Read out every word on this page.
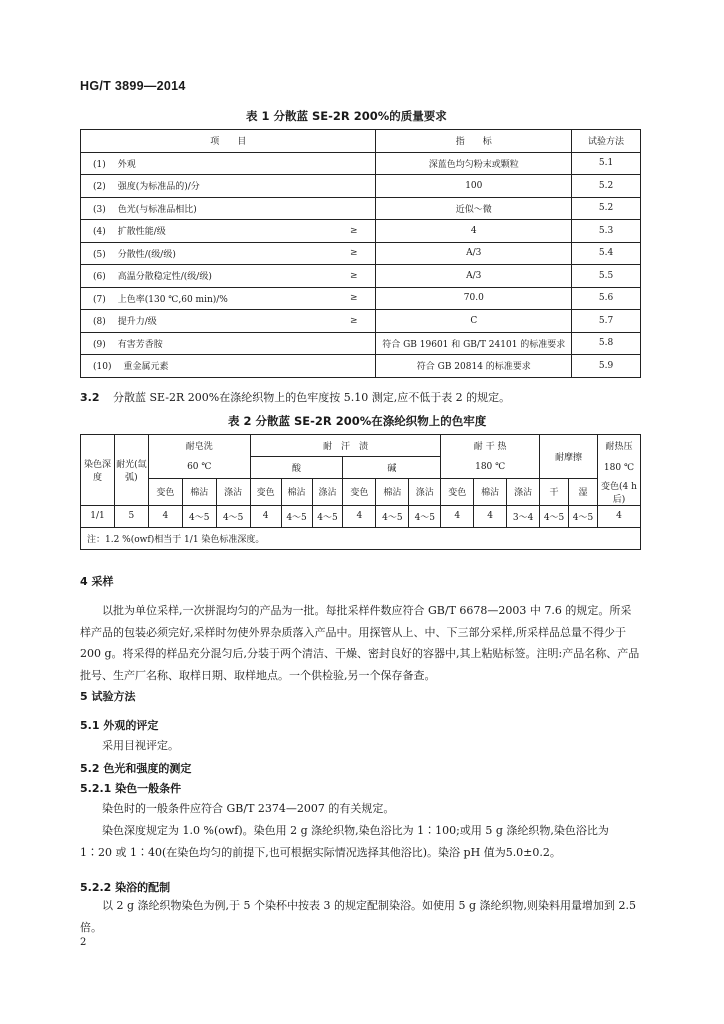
HG/T 3899—2014
表 1 分散蓝 SE-2R 200%的质量要求
项　　目		指　　标	试验方法
(1) 外观		深蓝色均匀粉末或颗粒	5.1
(2) 强度(为标准品的)/分		100	5.2
(3) 色光(与标准品相比)		近似～微	5.2
(4) 扩散性能/级	≥	4	5.3
(5) 分散性/(级/级)	≥	A/3	5.4
(6) 高温分散稳定性/(级/级)	≥	A/3	5.5
(7) 上色率(130 ℃,60 min)/%	≥	70.0	5.6
(8) 提升力/级	≥	C	5.7
(9) 有害芳香胺		符合 GB 19601 和 GB/T 24101 的标准要求	5.8
(10) 重金属元素		符合 GB 20814 的标准要求	5.9
3.2 分散蓝 SE-2R 200%在涤纶织物上的色牢度按 5.10 测定,应不低于表 2 的规定。
表 2 分散蓝 SE-2R 200%在涤纶织物上的色牢度
染色深度	耐光(氙弧)	耐皂洗			耐　汗　渍						耐 干 热			耐摩擦		耐热压
		60 ℃			酸			碱			180 ℃					180 ℃
		变色	棉沾	涤沾	变色	棉沾	涤沾	变色	棉沾	涤沾	变色	棉沾	涤沾	干	湿	变色(4 h后)
1/1	5	4	4～5	4～5	4	4～5	4～5	4	4～5	4～5	4	4	3～4	4～5	4～5	4
注：1.2 %(owf)相当于 1/1 染色标准深度。																
4 采样
以批为单位采样,一次拼混均匀的产品为一批。每批采样件数应符合 GB/T 6678—2003 中 7.6 的规定。所采样产品的包装必须完好,采样时勿使外界杂质落入产品中。用探管从上、中、下三部分采样,所采样品总量不得少于 200 g。将采得的样品充分混匀后,分装于两个清洁、干燥、密封良好的容器中,其上粘贴标签。注明:产品名称、产品批号、生产厂名称、取样日期、取样地点。一个供检验,另一个保存备查。
5 试验方法
5.1 外观的评定
采用目视评定。
5.2 色光和强度的测定
5.2.1 染色一般条件
染色时的一般条件应符合 GB/T 2374—2007 的有关规定。
染色深度规定为 1.0 %(owf)。染色用 2 g 涤纶织物,染色浴比为 1∶100;或用 5 g 涤纶织物,染色浴比为 1∶20 或 1∶40(在染色均匀的前提下,也可根据实际情况选择其他浴比)。染浴 pH 值为5.0±0.2。
5.2.2 染浴的配制
以 2 g 涤纶织物染色为例,于 5 个染杯中按表 3 的规定配制染浴。如使用 5 g 涤纶织物,则染料用量增加到 2.5 倍。
2
